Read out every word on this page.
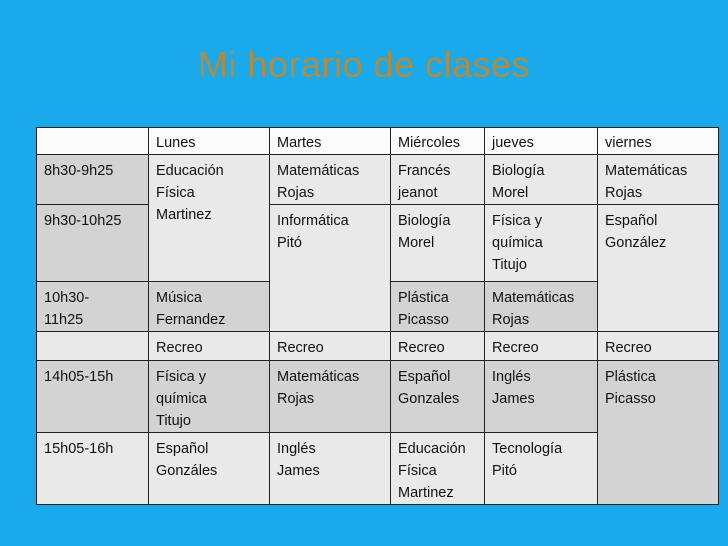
Mi horario de clases
	Lunes	Martes	Miércoles	jueves	viernes
8h30-9h25	Educación
Física
Martinez	Matemáticas
Rojas	Francés
jeanot	Biología
Morel	Matemáticas
Rojas

9h30-10h25		Informática
Pitó	Biología
Morel	Física y
química
Titujo	Español
González

10h30-
11h25	Música
Fernandez		Plástica
Picasso	Matemáticas
Rojas	

	Recreo	Recreo	Recreo	Recreo	Recreo
14h05-15h	Física y
química
Titujo	Matemáticas
Rojas	Español
Gonzales	Inglés
James	Plástica
Picasso

15h05-16h	Español
Gonzáles	Inglés
James	Educación
Física
Martinez	Tecnología
Pitó	
